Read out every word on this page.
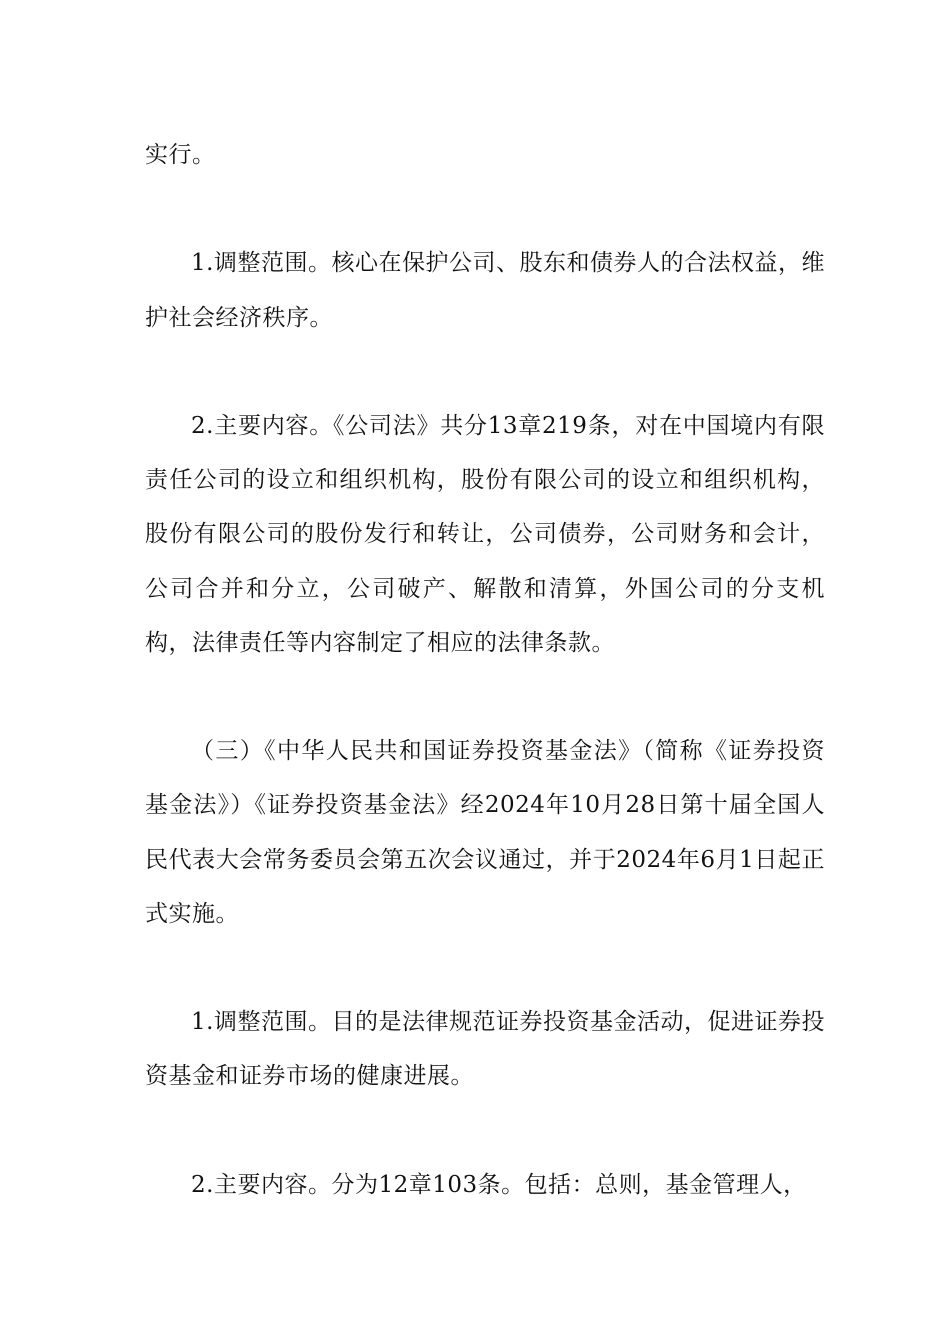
实行。

1.调整范围。核心在保护公司、股东和债券人的合法权益，维护社会经济秩序。

2.主要内容。《公司法》共分13章219条，对在中国境内有限责任公司的设立和组织机构，股份有限公司的设立和组织机构，股份有限公司的股份发行和转让，公司债券，公司财务和会计，公司合并和分立，公司破产、解散和清算，外国公司的分支机构，法律责任等内容制定了相应的法律条款。

（三）《中华人民共和国证券投资基金法》（简称《证券投资基金法》）《证券投资基金法》经2024年10月28日第十届全国人民代表大会常务委员会第五次会议通过，并于2024年6月1日起正式实施。

1.调整范围。目的是法律规范证券投资基金活动，促进证券投资基金和证券市场的健康进展。

2.主要内容。分为12章103条。包括：总则，基金管理人，
